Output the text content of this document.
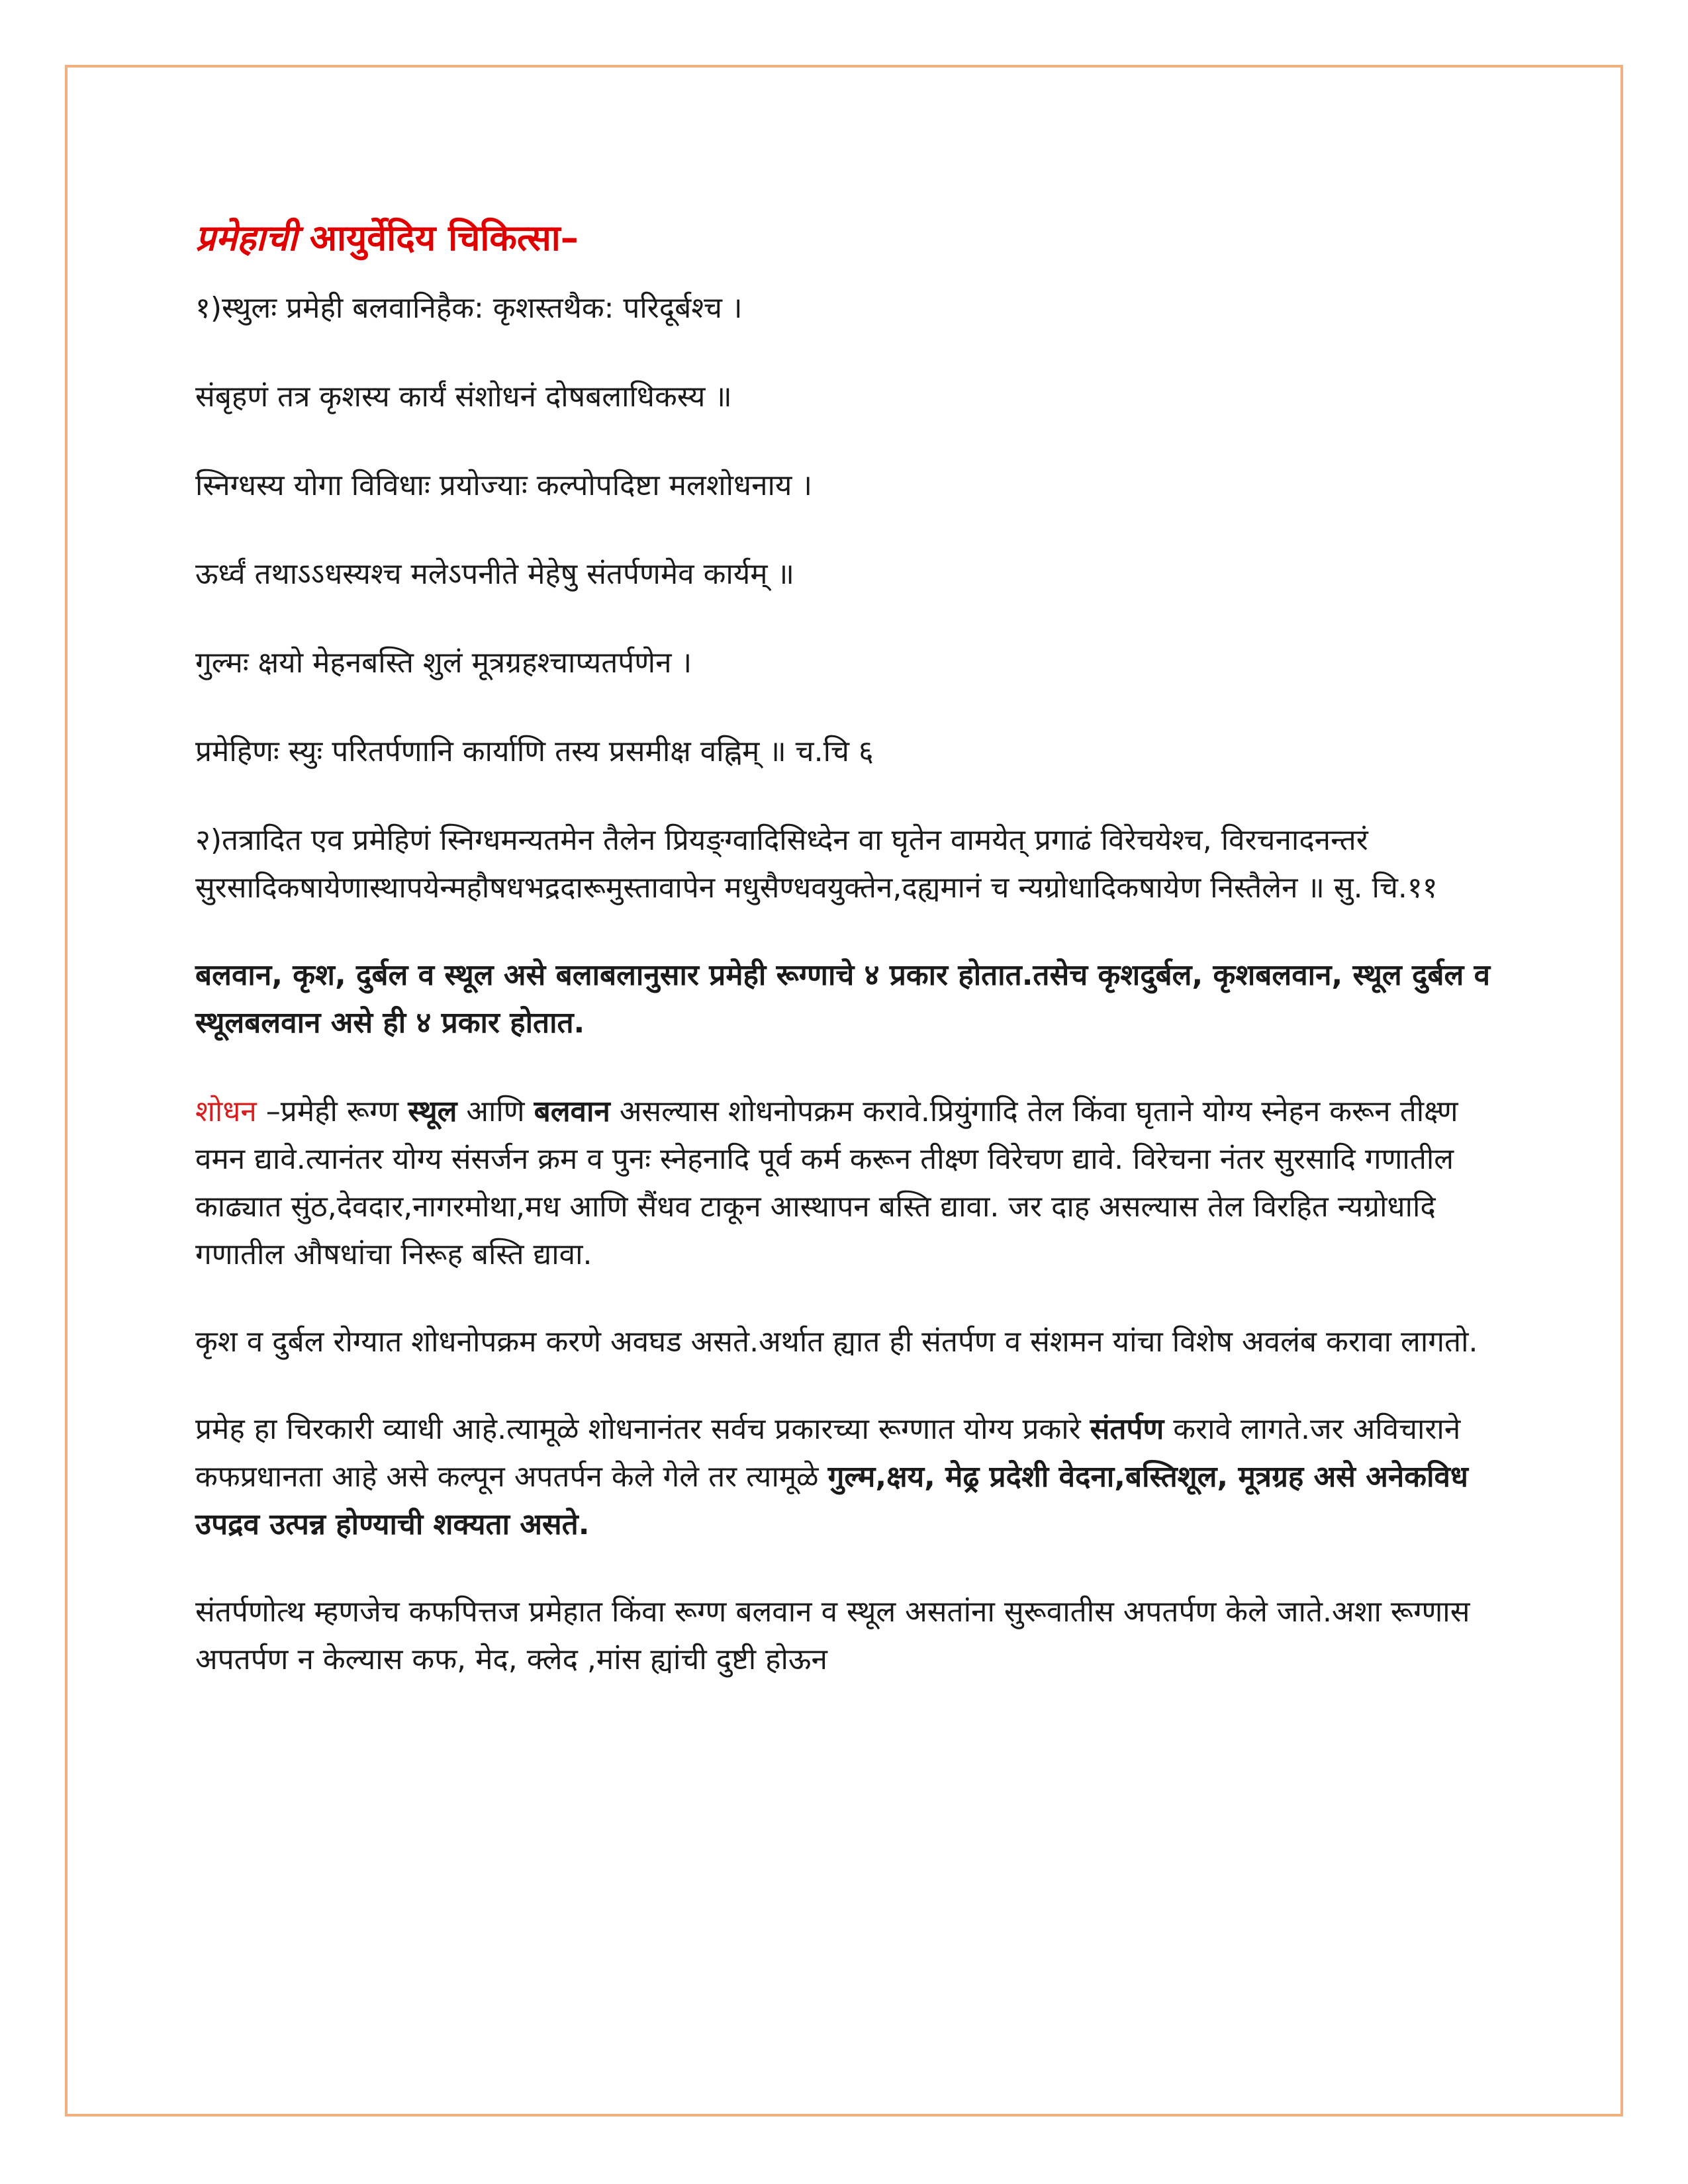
प्रमेहाची आयुर्वेदिय चिकित्सा–
१)स्थुलः प्रमेही बलवानिहैक: कृशस्तथैक: परिदूर्बश्च ।
संबृहणं तत्र कृशस्य कार्यं संशोधनं दोषबलाधिकस्य ॥
स्निग्धस्य योगा विविधाः प्रयोज्याः कल्पोपदिष्टा मलशोधनाय ।
ऊर्ध्वं तथाऽऽधस्यश्च मलेऽपनीते मेहेषु संतर्पणमेव कार्यम् ॥
गुल्मः क्षयो मेहनबस्ति शुलं मूत्रग्रहश्चाप्यतर्पणेन ।
प्रमेहिणः स्युः परितर्पणानि कार्याणि तस्य प्रसमीक्ष वह्निम् ॥ च.चि ६
२)तत्रादित एव प्रमेहिणं स्निग्धमन्यतमेन तैलेन प्रियङ्ग्वादिसिध्देन वा घृतेन वामयेत् प्रगाढं विरेचयेश्च, विरचनादनन्तरं सुरसादिकषायेणास्थापयेन्महौषधभद्रदारूमुस्तावापेन मधुसैण्धवयुक्तेन,दह्यमानं च न्यग्रोधादिकषायेण निस्तैलेन ॥ सु. चि.११
बलवान, कृश, दुर्बल व स्थूल असे बलाबलानुसार प्रमेही रूग्णाचे ४ प्रकार होतात.तसेच कृशदुर्बल, कृशबलवान, स्थूल दुर्बल व स्थूलबलवान असे ही ४ प्रकार होतात.
शोधन –प्रमेही रूग्ण स्थूल आणि बलवान असल्यास शोधनोपक्रम करावे.प्रियुंगादि तेल किंवा घृताने योग्य स्नेहन करून तीक्ष्ण वमन द्यावे.त्यानंतर योग्य संसर्जन क्रम व पुनः स्नेहनादि पूर्व कर्म करून तीक्ष्ण विरेचण द्यावे. विरेचना नंतर सुरसादि गणातील काढ्यात सुंठ,देवदार,नागरमोथा,मध आणि सैंधव टाकून आस्थापन बस्ति द्यावा. जर दाह असल्यास तेल विरहित न्यग्रोधादि गणातील औषधांचा निरूह बस्ति द्यावा.
कृश व दुर्बल रोग्यात शोधनोपक्रम करणे अवघड असते.अर्थात ह्यात ही संतर्पण व संशमन यांचा विशेष अवलंब करावा लागतो.
प्रमेह हा चिरकारी व्याधी आहे.त्यामूळे शोधनानंतर सर्वच प्रकारच्या रूग्णात योग्य प्रकारे संतर्पण करावे लागते.जर अविचाराने कफप्रधानता आहे असे कल्पून अपतर्पन केले गेले तर त्यामूळे गुल्म,क्षय, मेढ्र प्रदेशी वेदना,बस्तिशूल, मूत्रग्रह असे अनेकविध उपद्रव उत्पन्न होण्याची शक्यता असते.
संतर्पणोत्थ म्हणजेच कफपित्तज प्रमेहात किंवा रूग्ण बलवान व स्थूल असतांना सुरूवातीस अपतर्पण केले जाते.अशा रूग्णास अपतर्पण न केल्यास कफ, मेद, क्लेद ,मांस ह्यांची दुष्टी होऊन
